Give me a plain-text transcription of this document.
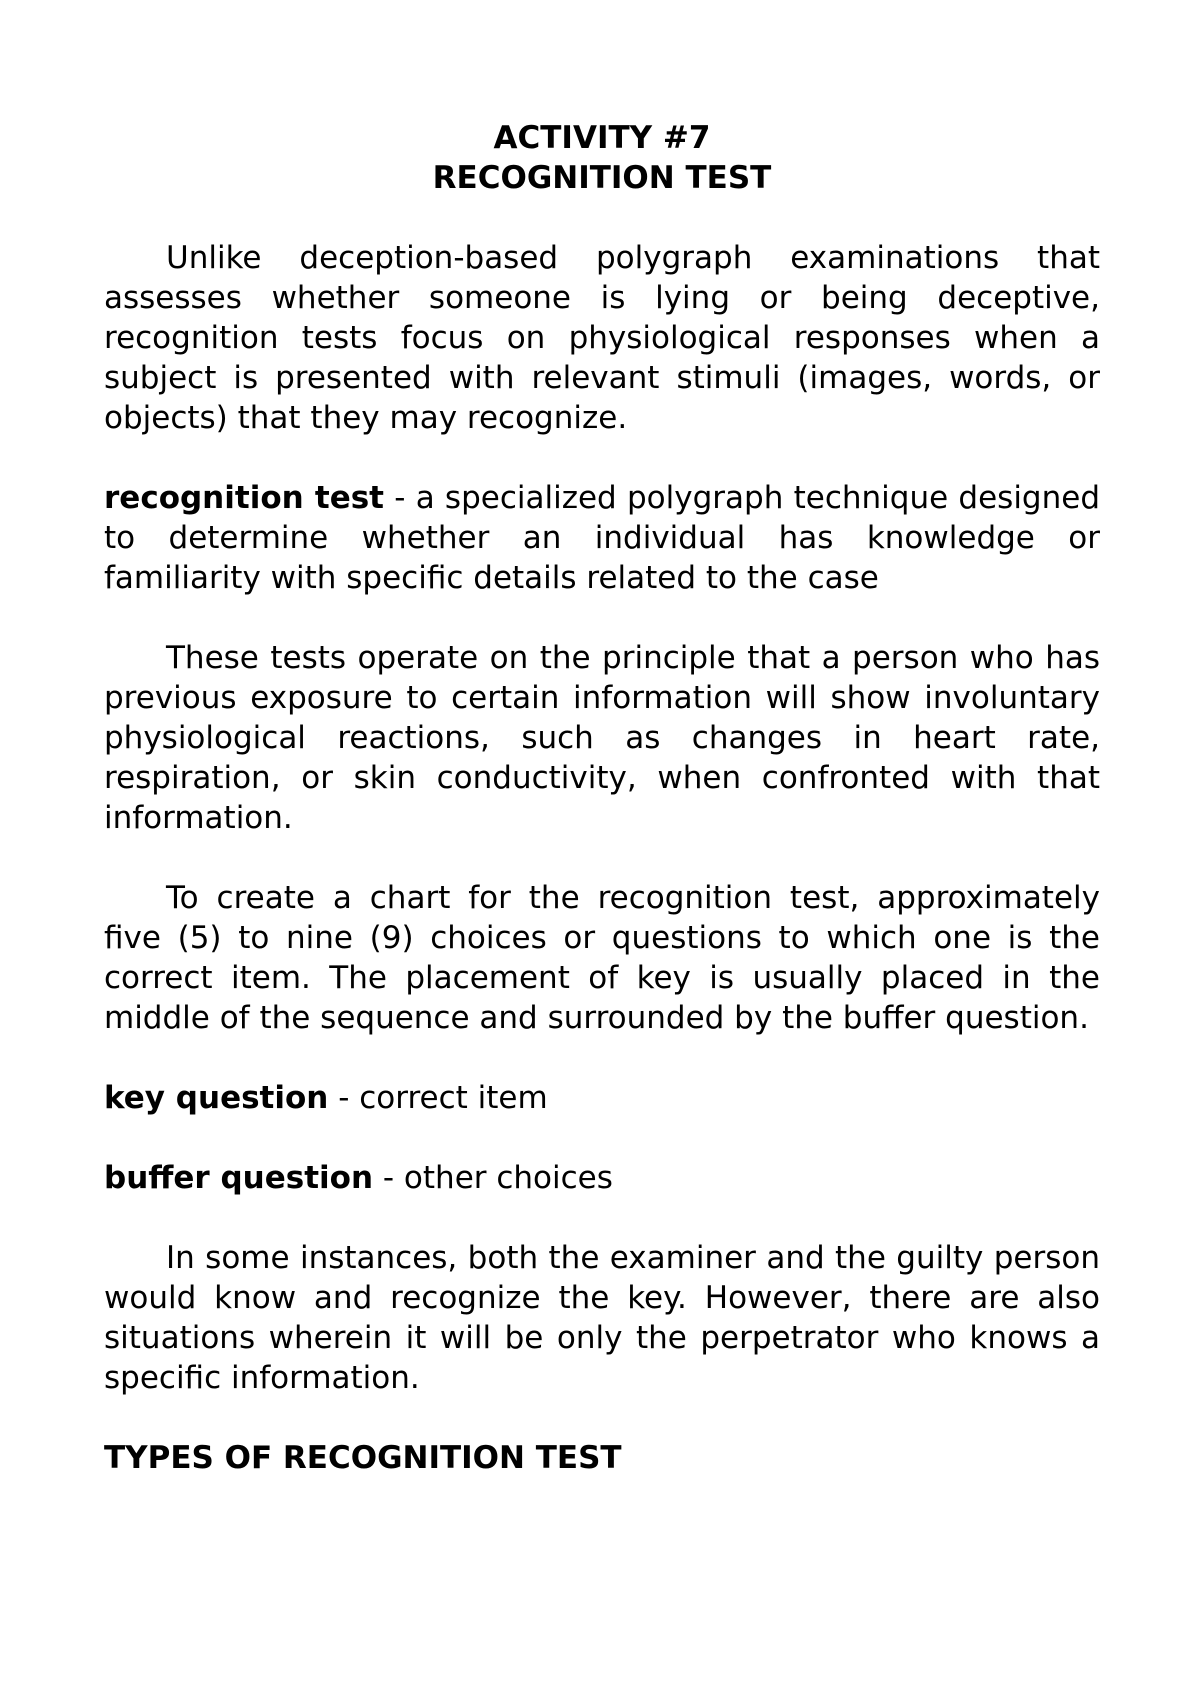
ACTIVITY #7

RECOGNITION TEST

Unlike deception-based polygraph examinations that assesses whether someone is lying or being deceptive, recognition tests focus on physiological responses when a subject is presented with relevant stimuli (images, words, or objects) that they may recognize.

recognition test - a specialized polygraph technique designed to determine whether an individual has knowledge or familiarity with specific details related to the case

These tests operate on the principle that a person who has previous exposure to certain information will show involuntary physiological reactions, such as changes in heart rate, respiration, or skin conductivity, when confronted with that information.

To create a chart for the recognition test, approximately five (5) to nine (9) choices or questions to which one is the correct item. The placement of key is usually placed in the middle of the sequence and surrounded by the buffer question.

key question - correct item

buffer question - other choices

In some instances, both the examiner and the guilty person would know and recognize the key. However, there are also situations wherein it will be only the perpetrator who knows a specific information.

TYPES OF RECOGNITION TEST
